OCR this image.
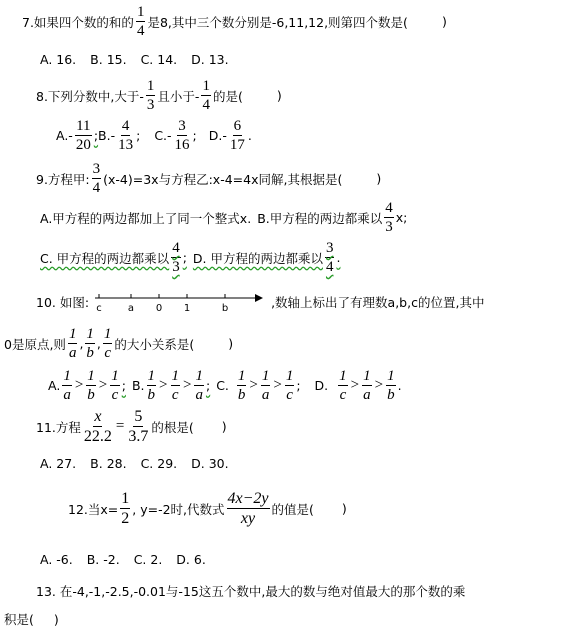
7.如果四个数的和的 $\frac{1}{4}$ 是8,其中三个数分别是-6,11,12,则第四个数是(	)
A. 16. B. 15. C. 14. D. 13.
8.下列分数中,大于- $\frac{1}{3}$ 且小于- $\frac{1}{4}$ 的是(	)
$A.- \frac{11}{20}$ ; $B.- \frac{4}{13}$ ; $C.- \frac{3}{16}$ ; $D.- \frac{6}{17}$ .
9.方程甲: $\frac{3}{4} (x-4)=3x$与方程乙:x-4=4x同解,其根据是(	)
A.甲方程的两边都加上了同一个整式x. B.甲方程的两边都乘以 $\frac{4}{3} x$;
C. 甲方程的两边都乘以 $\frac{4}{3}$ ; D. 甲方程的两边都乘以 $\frac{3}{4}$ .
10. 如图: c	a 0 1	b	,数轴上标出了有理数a,b,c的位置,其中
0是原点,则 $\frac{1}{a}$ , $\frac{1}{b}$ , $\frac{1}{c}$ 的大小关系是(	)
A. $\frac{1}{a} > \frac{1}{b} > \frac{1}{c}$ ; B. $\frac{1}{b} > \frac{1}{c} > \frac{1}{a}$ ; C. $\frac{1}{b} > \frac{1}{a} > \frac{1}{c}$ ; D. $\frac{1}{c} > \frac{1}{a} > \frac{1}{b}$ .
11.方程 $\frac{x}{22.2} = \frac{5}{3.7}$ 的根是( )
A. 27. B. 28. C. 29. D. 30.
12.当$x= \frac{1}{2}$ , y=-2时,代数式 $\frac{4x-2y}{xy}$ 的值是( )
A. -6. B. -2. C. 2. D. 6.
13. 在-4,-1,-2.5,-0.01与-15这五个数中,最大的数与绝对值最大的那个数的乘
积是( )
